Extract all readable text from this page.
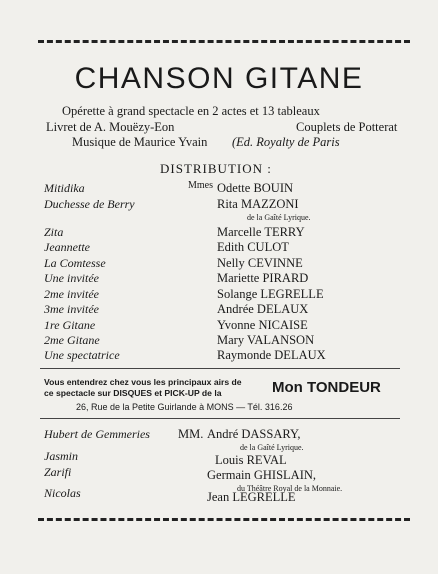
CHANSON GITANE
Opérette à grand spectacle en 2 actes et 13 tableaux
Livret de A. Mouëzy-Eon	Couplets de Potterat
Musique de Maurice Yvain (Ed. Royalty de Paris
DISTRIBUTION :
Mmes
Mitidika	Odette BOUIN
Duchesse de Berry	Rita MAZZONI
de la Gaîté Lyrique.
Zita	Marcelle TERRY
Jeannette	Edith CULOT
La Comtesse	Nelly CEVINNE
Une invitée	Mariette PIRARD
2me invitée	Solange LEGRELLE
3me invitée	Andrée DELAUX
1re Gitane	Yvonne NICAISE
2me Gitane	Mary VALANSON
Une spectatrice	Raymonde DELAUX
Vous entendrez chez vous les principaux airs de
ce spectacle sur DISQUES et PICK-UP de la	Mon TONDEUR
26, Rue de la Petite Guirlande à MONS — Tél. 316.26
MM.
Hubert de Gemmeries	André DASSARY,
de la Gaîté Lyrique.
Jasmin	Louis REVAL
Zarifi	Germain GHISLAIN,
du Théâtre Royal de la Monnaie.
Nicolas	Jean LEGRELLE
